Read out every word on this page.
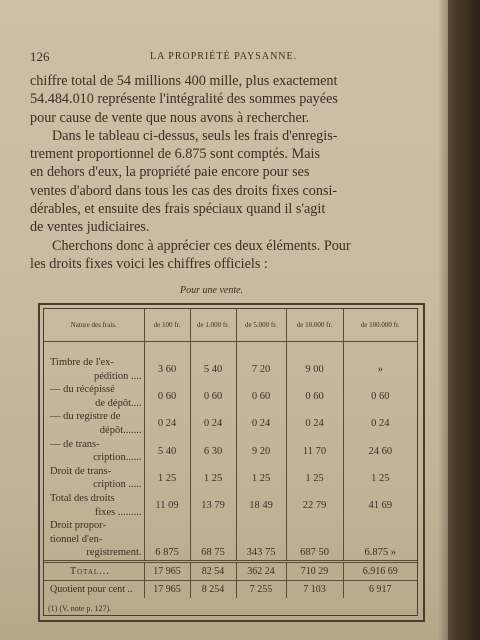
126	LA PROPRIÉTÉ PAYSANNE.
chiffre total de 54 millions 400 mille, plus exactement
54.484.010 représente l'intégralité des sommes payées
pour cause de vente que nous avons à rechercher.
Dans le tableau ci-dessus, seuls les frais d'enregis-
trement proportionnel de 6.875 sont comptés. Mais
en dehors d'eux, la propriété paie encore pour ses
ventes d'abord dans tous les cas des droits fixes consi-
dérables, et ensuite des frais spéciaux quand il s'agit
de ventes judiciaires.
Cherchons donc à apprécier ces deux éléments. Pour
les droits fixes voici les chiffres officiels :
Pour une vente.
Nature des frais.	de 100 fr.	de 1.000 fr.	de 5.000 fr.	de 10.000 fr.	de 100.000 fr.

Timbre de l'ex-
pédition ....	3 60	5 40	7 20	9 00	»

— du récépissé
de dépôt....	0 60	0 60	0 60	0 60	0 60

— du registre de
dépôt.......	0 24	0 24	0 24	0 24	0 24

— de trans-
cription......	5 40	6 30	9 20	11 70	24 60

Droit de trans-
cription .....	1 25	1 25	1 25	1 25	1 25

Total des droits
fixes .........	11 09	13 79	18 49	22 79	41 69

Droit propor-
tionnel d'en-
registrement.	6 875	68 75	343 75	687 50	6.875 »
Total...	17 965	82 54	362 24	710 29	6.916 69
Quotient pour cent ..	17 965	8 254	7 255	7 103	6 917
(1) (V. note p. 127).
